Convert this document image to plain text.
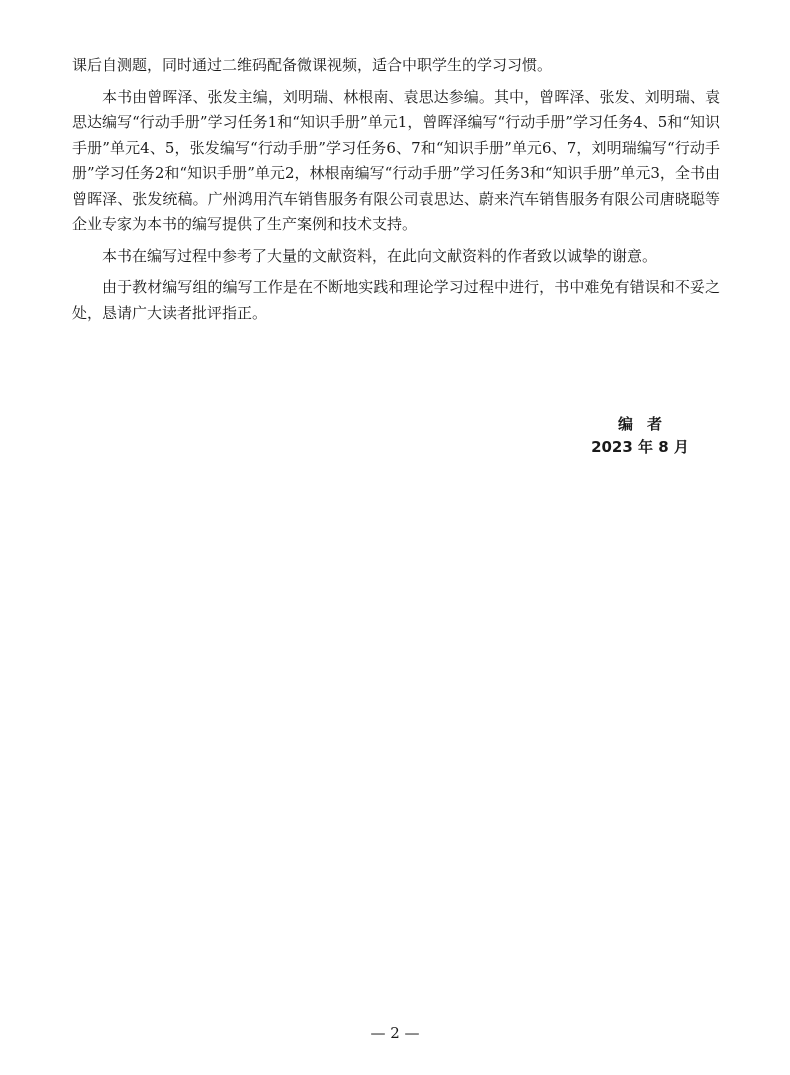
课后自测题，同时通过二维码配备微课视频，适合中职学生的学习习惯。

本书由曾晖泽、张发主编，刘明瑞、林根南、袁思达参编。其中，曾晖泽、张发、刘明瑞、袁思达编写“行动手册”学习任务1和“知识手册”单元1，曾晖泽编写“行动手册”学习任务4、5和“知识手册”单元4、5，张发编写“行动手册”学习任务6、7和“知识手册”单元6、7，刘明瑞编写“行动手册”学习任务2和“知识手册”单元2，林根南编写“行动手册”学习任务3和“知识手册”单元3，全书由曾晖泽、张发统稿。广州鸿用汽车销售服务有限公司袁思达、蔚来汽车销售服务有限公司唐晓聪等企业专家为本书的编写提供了生产案例和技术支持。

本书在编写过程中参考了大量的文献资料，在此向文献资料的作者致以诚挚的谢意。

由于教材编写组的编写工作是在不断地实践和理论学习过程中进行，书中难免有错误和不妥之处，恳请广大读者批评指正。

编者
2023 年 8 月
— 2 —
